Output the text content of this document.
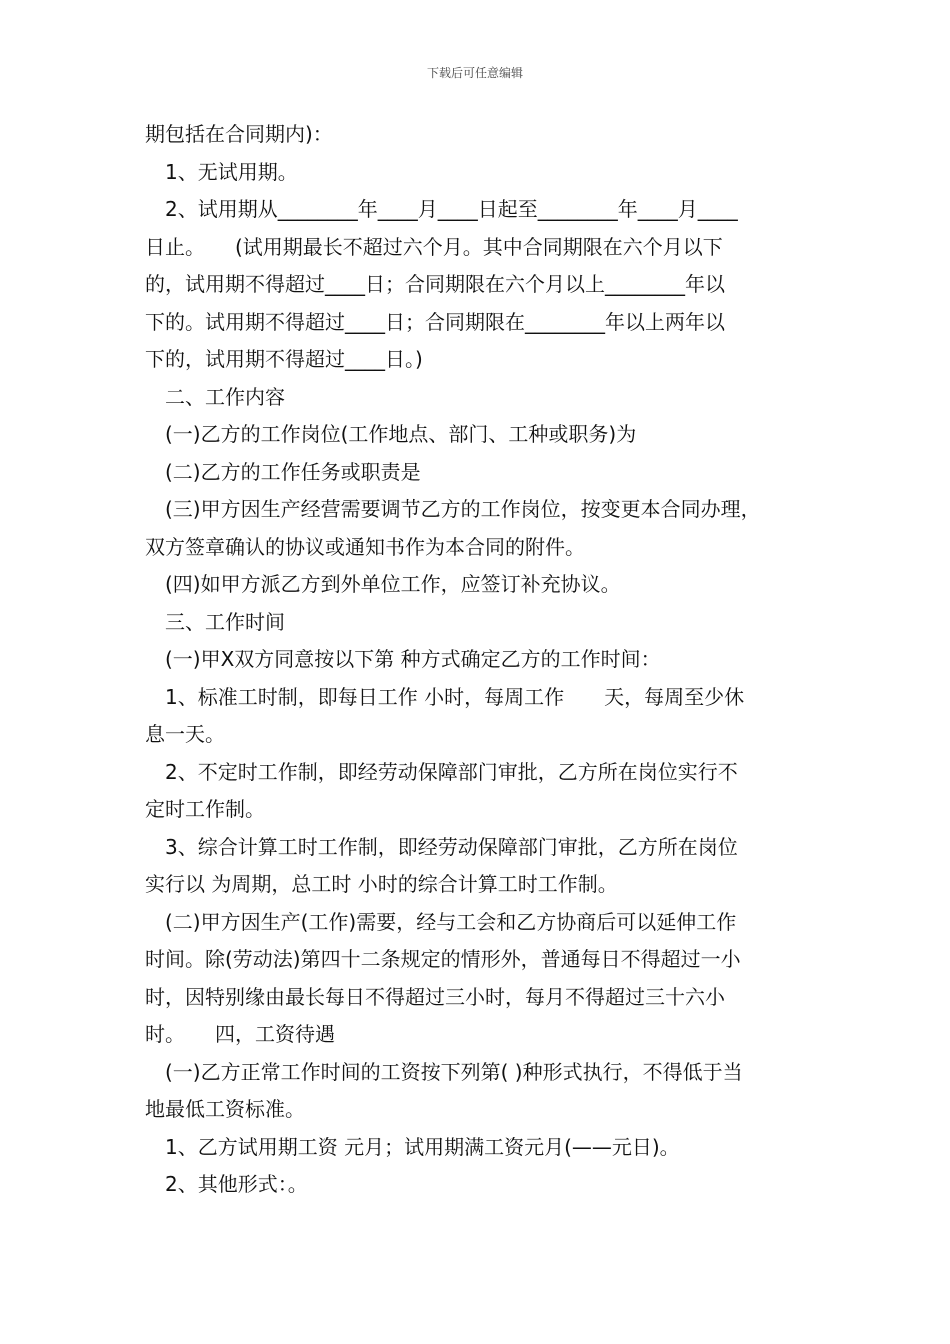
下载后可任意编辑
期包括在合同期内)：
1、无试用期。
2、试用期从________年____月____日起至________年____月____
日止。　　(试用期最长不超过六个月。其中合同期限在六个月以下
的，试用期不得超过____日；合同期限在六个月以上________年以
下的。试用期不得超过____日；合同期限在________年以上两年以
下的，试用期不得超过____日。)
二、工作内容
(一)乙方的工作岗位(工作地点、部门、工种或职务)为
(二)乙方的工作任务或职责是
(三)甲方因生产经营需要调节乙方的工作岗位，按变更本合同办理，
双方签章确认的协议或通知书作为本合同的附件。
(四)如甲方派乙方到外单位工作，应签订补充协议。
三、工作时间
(一)甲X双方同意按以下第 种方式确定乙方的工作时间：
1、标准工时制，即每日工作 小时，每周工作　　天，每周至少休
息一天。
2、不定时工作制，即经劳动保障部门审批，乙方所在岗位实行不
定时工作制。
3、综合计算工时工作制，即经劳动保障部门审批，乙方所在岗位
实行以 为周期，总工时 小时的综合计算工时工作制。
(二)甲方因生产(工作)需要，经与工会和乙方协商后可以延伸工作
时间。除(劳动法)第四十二条规定的情形外，普通每日不得超过一小
时，因特别缘由最长每日不得超过三小时，每月不得超过三十六小
时。　　四，工资待遇
(一)乙方正常工作时间的工资按下列第( )种形式执行，不得低于当
地最低工资标准。
1、乙方试用期工资 元月；试用期满工资元月(——元日)。
2、其他形式：。
